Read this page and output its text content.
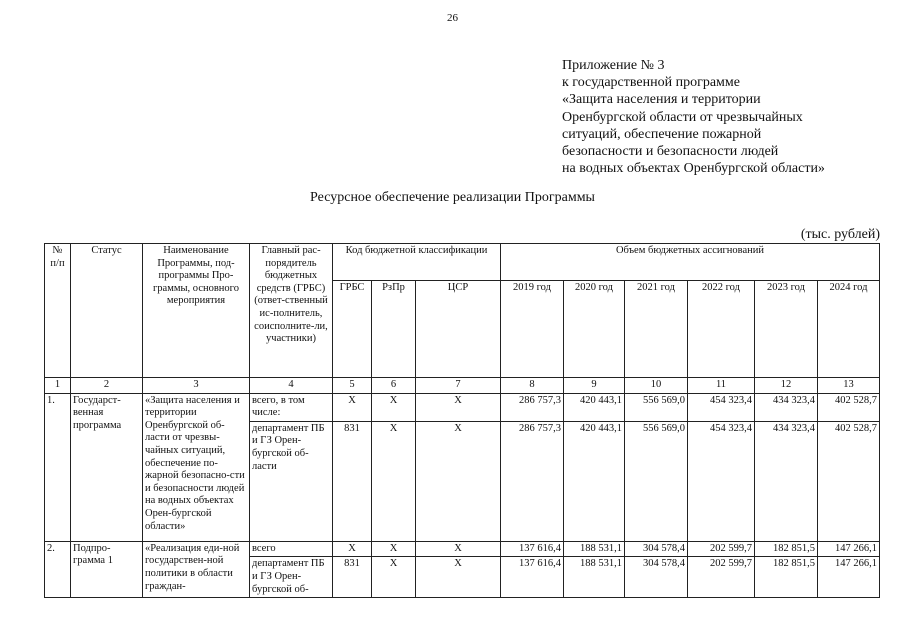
26
Приложение № 3
к государственной программе
«Защита населения и территории
Оренбургской области от чрезвычайных
ситуаций, обеспечение пожарной
безопасности и безопасности людей
на водных объектах Оренбургской области»
Ресурсное обеспечение реализации Программы
(тыс. рублей)
№ п/п	Статус	Наименование Программы, под-программы Про-граммы, основного мероприятия	Главный рас-порядитель бюджетных средств (ГРБС) (ответ-ственный ис-полнитель, соисполните-ли, участники)	Код бюджетной классификации			Объем бюджетных ассигнований					
				ГРБС	РзПр	ЦСР	2019 год	2020 год	2021 год	2022 год	2023 год	2024 год
1	2	3	4	5	6	7	8	9	10	11	12	13
1.	Государст-венная программа	«Защита населения и территории Оренбургской об-ласти от чрезвы-чайных ситуаций, обеспечение по-жарной безопасно-сти и безопасности людей на водных объектах Орен-бургской области»	всего, в том числе:	X	X	X	286 757,3	420 443,1	556 569,0	454 323,4	434 323,4	402 528,7
			департамент ПБ и ГЗ Орен-бургской об-ласти	831	X	X	286 757,3	420 443,1	556 569,0	454 323,4	434 323,4	402 528,7
2.	Подпро-грамма 1	«Реализация еди-ной государствен-ной политики в области граждан-	всего	X	X	X	137 616,4	188 531,1	304 578,4	202 599,7	182 851,5	147 266,1
			департамент ПБ и ГЗ Орен-бургской об-	831	X	X	137 616,4	188 531,1	304 578,4	202 599,7	182 851,5	147 266,1
